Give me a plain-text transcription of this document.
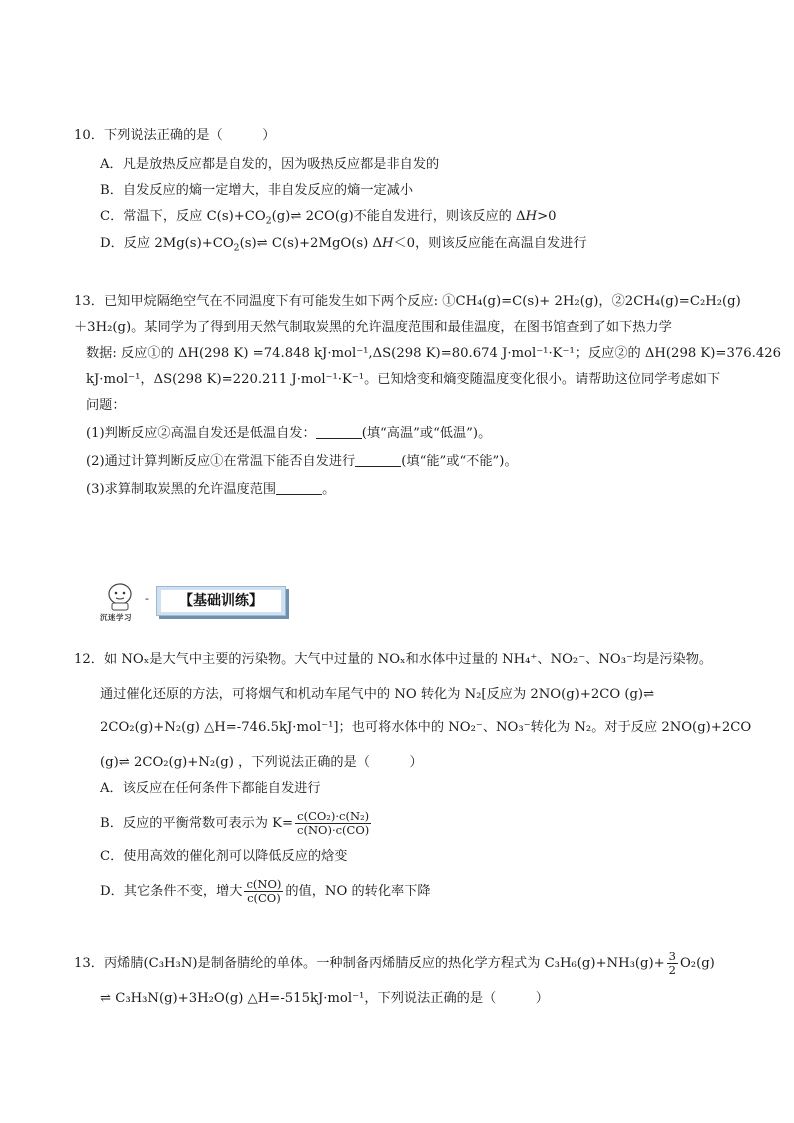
10．下列说法正确的是（　　　）
A．凡是放热反应都是自发的，因为吸热反应都是非自发的
B．自发反应的熵一定增大，非自发反应的熵一定减小
C．常温下，反应 $C(s)+CO_2(g)\rightleftharpoons$ 2CO(g)不能自发进行，则该反应的 ΔH>0
D．反应 $2Mg(s)+CO_2(s)\rightleftharpoons$ C(s)+2MgO(s) ΔH＜0，则该反应能在高温自发进行
13．已知甲烷隔绝空气在不同温度下有可能发生如下两个反应: ①CH₄(g)=C(s)+ 2H₂(g)，②2CH₄(g)=C₂H₂(g)
＋3H₂(g)。某同学为了得到用天然气制取炭黑的允许温度范围和最佳温度，在图书馆查到了如下热力学
数据: 反应①的 ΔH(298 K) =74.848 kJ·mol⁻¹,ΔS(298 K)=80.674 J·mol⁻¹·K⁻¹；反应②的 ΔH(298 K)=376.426
kJ·mol⁻¹，ΔS(298 K)=220.211 J·mol⁻¹·K⁻¹。已知焓变和熵变随温度变化很小。请帮助这位同学考虑如下
问题：
(1)判断反应②高温自发还是低温自发：	(填“高温”或“低温”)。
(2)通过计算判断反应①在常温下能否自发进行	(填“能”或“不能”)。
(3)求算制取炭黑的允许温度范围	。
沉迷学习
-	【基础训练】
12．如 NOₓ是大气中主要的污染物。大气中过量的 NOₓ和水体中过量的 NH₄⁺、NO₂⁻、NO₃⁻均是污染物。
通过催化还原的方法，可将烟气和机动车尾气中的 NO 转化为 N₂[反应为 2NO(g)+2CO (g)⇌
2CO₂(g)+N₂(g) △H=-746.5kJ·mol⁻¹]；也可将水体中的 NO₂⁻、NO₃⁻转化为 N₂。对于反应 2NO(g)+2CO
(g)⇌ 2CO₂(g)+N₂(g) ，下列说法正确的是（　　　）
A．该反应在任何条件下都能自发进行
B．反应的平衡常数可表示为 $K= \frac{\text{c(CO₂)·c(N₂)}}{c(NO)\cdot c(CO)}$
C．使用高效的催化剂可以降低反应的焓变
D．其它条件不变，增大 $\frac{c(NO)}{c(CO)}$ 的值，NO 的转化率下降
13．丙烯腈(C₃H₃N)是制备腈纶的单体。一种制备丙烯腈反应的热化学方程式为 $C_3H_6(g)+NH_3(g)+ \frac{3}{2} O_2(g)$
⇌ C₃H₃N(g)+3H₂O(g) △H=-515kJ·mol⁻¹，下列说法正确的是（　　　）
